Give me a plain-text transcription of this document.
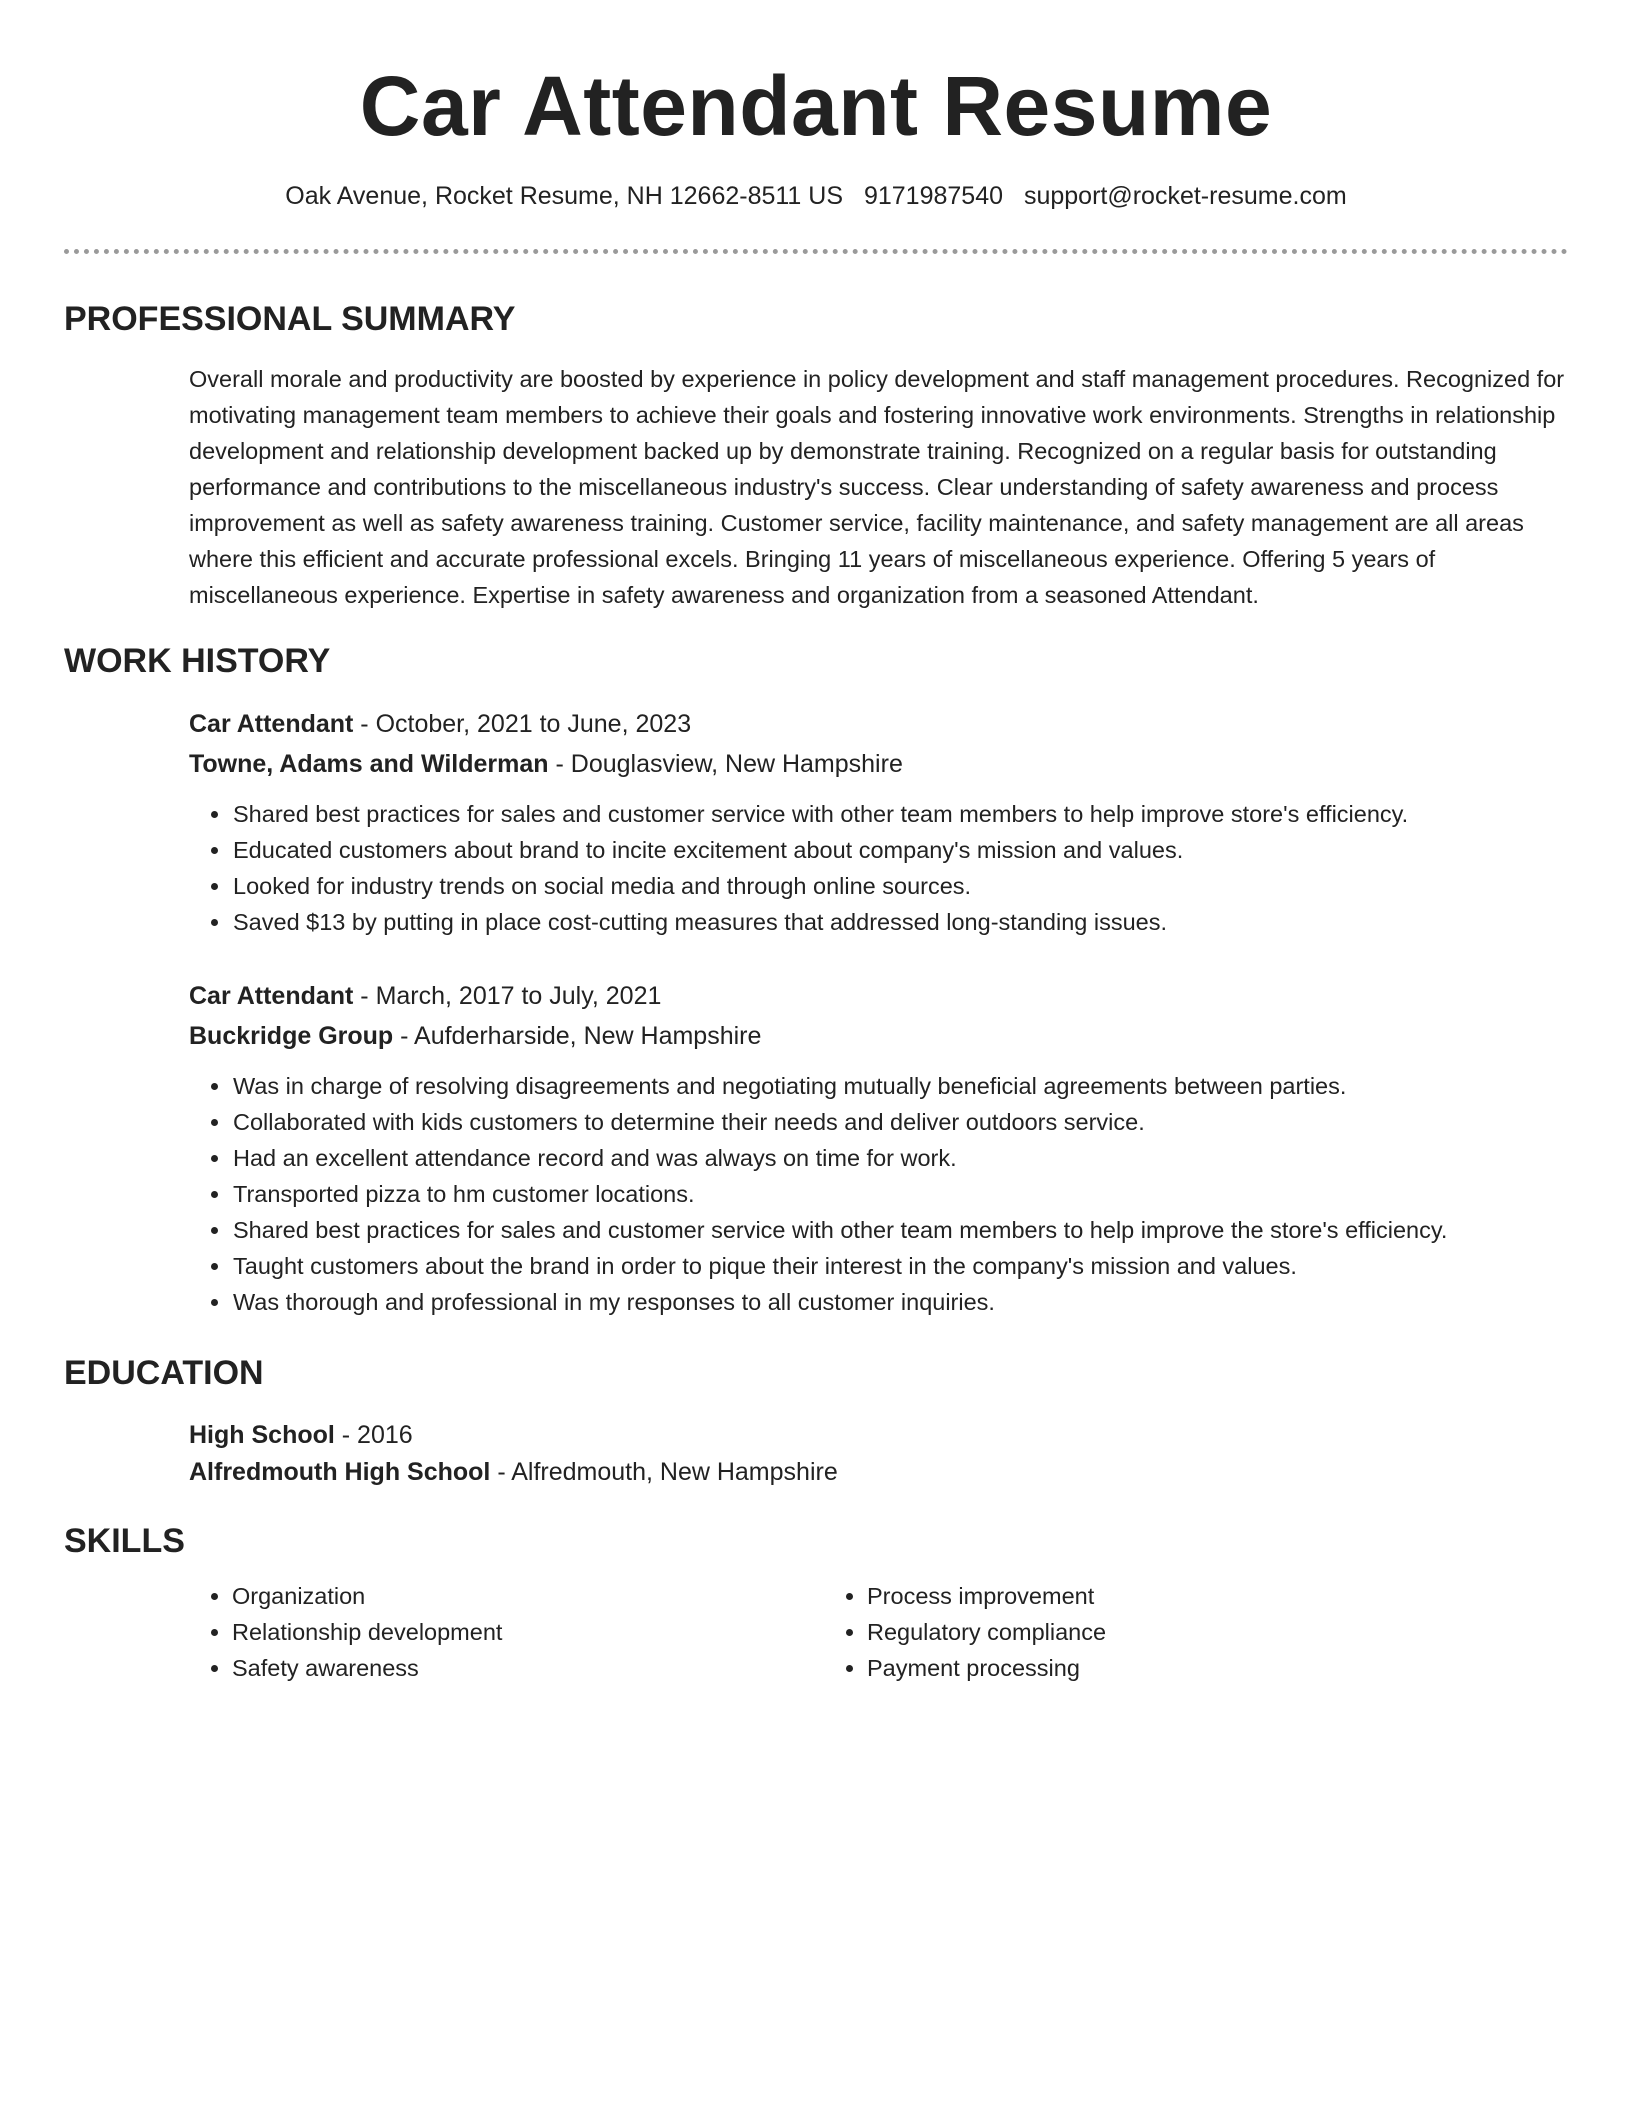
Car Attendant Resume
Oak Avenue, Rocket Resume, NH 12662-8511 US 9171987540 support@rocket-resume.com
PROFESSIONAL SUMMARY
Overall morale and productivity are boosted by experience in policy development and staff management procedures. Recognized for motivating management team members to achieve their goals and fostering innovative work environments. Strengths in relationship development and relationship development backed up by demonstrate training. Recognized on a regular basis for outstanding performance and contributions to the miscellaneous industry's success. Clear understanding of safety awareness and process improvement as well as safety awareness training. Customer service, facility maintenance, and safety management are all areas where this efficient and accurate professional excels. Bringing 11 years of miscellaneous experience. Offering 5 years of miscellaneous experience. Expertise in safety awareness and organization from a seasoned Attendant.
WORK HISTORY
Car Attendant - October, 2021 to June, 2023
Towne, Adams and Wilderman - Douglasview, New Hampshire
• Shared best practices for sales and customer service with other team members to help improve store's efficiency.
• Educated customers about brand to incite excitement about company's mission and values.
• Looked for industry trends on social media and through online sources.
• Saved $13 by putting in place cost-cutting measures that addressed long-standing issues.
Car Attendant - March, 2017 to July, 2021
Buckridge Group - Aufderharside, New Hampshire
• Was in charge of resolving disagreements and negotiating mutually beneficial agreements between parties.
• Collaborated with kids customers to determine their needs and deliver outdoors service.
• Had an excellent attendance record and was always on time for work.
• Transported pizza to hm customer locations.
• Shared best practices for sales and customer service with other team members to help improve the store's efficiency.
• Taught customers about the brand in order to pique their interest in the company's mission and values.
• Was thorough and professional in my responses to all customer inquiries.
EDUCATION
High School - 2016
Alfredmouth High School - Alfredmouth, New Hampshire
SKILLS
• Organization
• Relationship development
• Safety awareness
• Process improvement
• Regulatory compliance
• Payment processing
